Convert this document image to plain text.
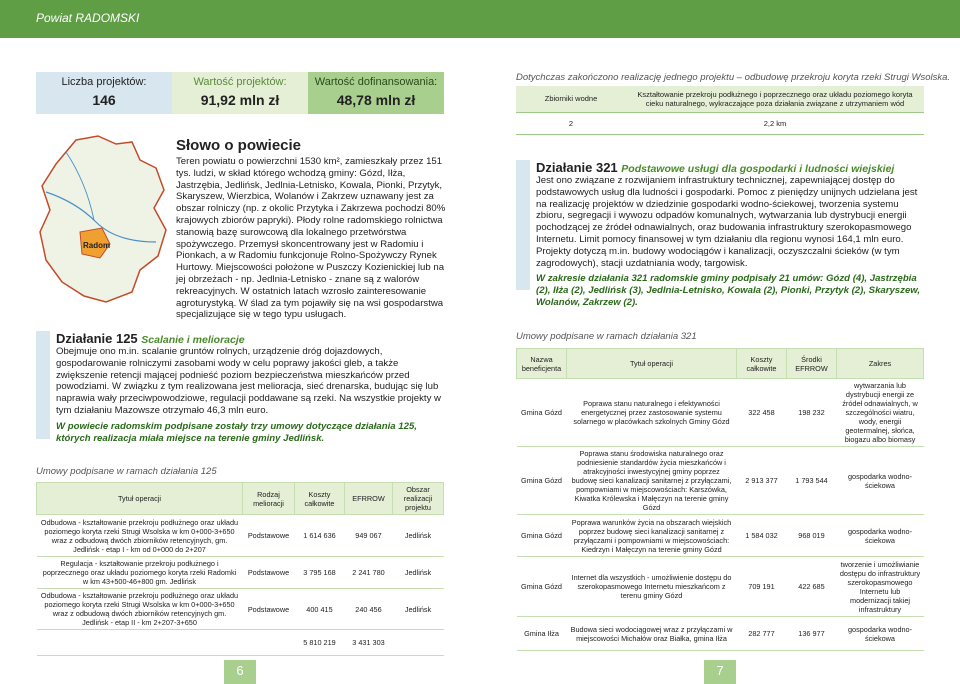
Powiat RADOMSKI
Liczba projektów:
146
Wartość projektów:
91,92 mln zł
Wartość dofinansowania:
48,78 mln zł
Radom
Słowo o powiecie

Teren powiatu o powierzchni 1530 km², zamieszkały przez 151 tys. ludzi, w skład którego wchodzą gminy: Gózd, Iłża, Jastrzębia, Jedlińsk, Jedlnia-Letnisko, Kowala, Pionki, Przytyk, Skaryszew, Wierzbica, Wolanów i Zakrzew uznawany jest za obszar rolniczy (np. z okolic Przytyka i Zakrzewa pochodzi 80% krajowych zbiorów papryki). Płody rolne radomskiego rolnictwa stanowią bazę surowcową dla lokalnego przetwórstwa spożywczego. Przemysł skoncentrowany jest w Radomiu i Pionkach, a w Radomiu funkcjonuje Rolno-Spożywczy Rynek Hurtowy. Miejscowości położone w Puszczy Kozienickiej lub na jej obrzeżach - np. Jedlnia-Letnisko - znane są z walorów rekreacyjnych. W ostatnich latach wzrosło zainteresowanie agroturystyką. W ślad za tym pojawiły się na wsi gospodarstwa specjalizujące się w tego typu usługach.

Dotychczas zakończono realizację jednego projektu – odbudowę przekroju koryta rzeki Strugi Wsolska.
Zbiorniki wodne	Kształtowanie przekroju podłużnego i poprzecznego oraz układu poziomego koryta cieku naturalnego, wykraczające poza działania związane z utrzymaniem wód
2	2,2 km
Działanie 321 Podstawowe usługi dla gospodarki i ludności wiejskiej

Jest ono związane z rozwijaniem infrastruktury technicznej, zapewniającej dostęp do podstawowych usług dla ludności i gospodarki. Pomoc z pieniędzy unijnych udzielana jest na realizację projektów w dziedzinie gospodarki wodno-ściekowej, tworzenia systemu zbioru, segregacji i wywozu odpadów komunalnych, wytwarzania lub dystrybucji energii pochodzącej ze źródeł odnawialnych, oraz budowania infrastruktury szerokopasmowego Internetu. Limit pomocy finansowej w tym działaniu dla regionu wynosi 164,1 mln euro. Projekty dotyczą m.in. budowy wodociągów i kanalizacji, oczyszczalni ścieków (w tym zagrodowych), stacji uzdatniania wody, targowisk.

W zakresie działania 321 radomskie gminy podpisały 21 umów: Gózd (4), Jastrzębia (2), Iłża (2), Jedlińsk (3), Jedlnia-Letnisko, Kowala (2), Pionki, Przytyk (2), Skaryszew, Wolanów, Zakrzew (2).

Działanie 125 Scalanie i melioracje

Obejmuje ono m.in. scalanie gruntów rolnych, urządzenie dróg dojazdowych, gospodarowanie rolniczymi zasobami wody w celu poprawy jakości gleb, a także zwiększenie retencji mającej podnieść poziom bezpieczeństwa mieszkańców przed powodziami. W związku z tym realizowana jest melioracja, sieć drenarska, budując się lub naprawia wały przeciwpowodziowe, regulacji poddawane są rzeki. Na wszystkie projekty w tym działaniu Mazowsze otrzymało 46,3 mln euro.

W powiecie radomskim podpisane zostały trzy umowy dotyczące działania 125, których realizacja miała miejsce na terenie gminy Jedlińsk.

Umowy podpisane w ramach działania 125
Tytuł operacji	Rodzaj melioracji	Koszty całkowite	EFRROW	Obszar realizacji projektu
Odbudowa - kształtowanie przekroju podłużnego oraz układu poziomego koryta rzeki Strugi Wsolska w km 0+000-3+650 wraz z odbudową dwóch zbiorników retencyjnych, gm. Jedlińsk - etap I - km od 0+000 do 2+207	Podstawowe	1 614 636	949 067	Jedlińsk
Regulacja - kształtowanie przekroju podłużnego i poprzecznego oraz układu poziomego koryta rzeki Radomki w km 43+500-46+800 gm. Jedlińsk	Podstawowe	3 795 168	2 241 780	Jedlińsk
Odbudowa - kształtowanie przekroju podłużnego oraz układu poziomego koryta rzeki Strugi Wsolska w km 0+000-3+650 wraz z odbudową dwóch zbiorników retencyjnych gm. Jedlińsk - etap II - km 2+207-3+650	Podstawowe	400 415	240 456	Jedlińsk
		5 810 219	3 431 303	
Umowy podpisane w ramach działania 321
Nazwa beneficjenta	Tytuł operacji	Koszty całkowite	Środki EFRROW	Zakres
Gmina Gózd	Poprawa stanu naturalnego i efektywności energetycznej przez zastosowanie systemu solarnego w placówkach szkolnych Gminy Gózd	322 458	198 232	wytwarzania lub dystrybucji energii ze źródeł odnawialnych, w szczególności wiatru, wody, energii geotermalnej, słońca, biogazu albo biomasy
Gmina Gózd	Poprawa stanu środowiska naturalnego oraz podniesienie standardów życia mieszkańców i atrakcyjności inwestycyjnej gminy poprzez budowę sieci kanalizacji sanitarnej z przyłączami, pompowniami w miejscowościach: Karszówka, Kiwatka Królewska i Małęczyn na terenie gminy Gózd	2 913 377	1 793 544	gospodarka wodno-ściekowa
Gmina Gózd	Poprawa warunków życia na obszarach wiejskich poprzez budowę sieci kanalizacji sanitarnej z przyłączami i pompowniami w miejscowościach: Kiedrzyn i Małęczyn na terenie gminy Gózd	1 584 032	968 019	gospodarka wodno-ściekowa
Gmina Gózd	Internet dla wszystkich - umożliwienie dostępu do szerokopasmowego Internetu mieszkańcom z terenu gminy Gózd	709 191	422 685	tworzenie i umożliwianie dostępu do infrastruktury szerokopasmowego Internetu lub modernizacji takiej infrastruktury
Gmina Iłża	Budowa sieci wodociągowej wraz z przyłączami w miejscowości Michałów oraz Białka, gmina Iłża	282 777	136 977	gospodarka wodno-ściekowa
6	7
